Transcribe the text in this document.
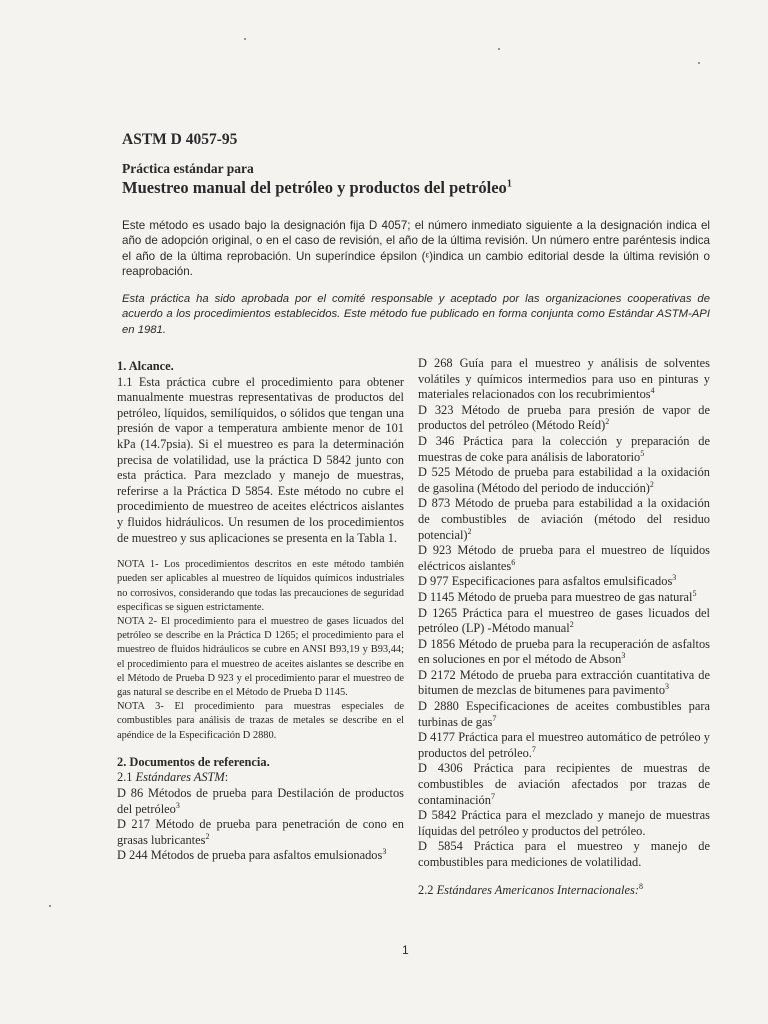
ASTM D 4057-95
Práctica estándar para
Muestreo manual del petróleo y productos del petróleo$^1$

Este método es usado bajo la designación fija D 4057; el número inmediato siguiente a la designación indica el año de adopción original, o en el caso de revisión, el año de la última revisión. Un número entre paréntesis indica el año de la última reprobación. Un superíndice épsilon (ᵋ)indica un cambio editorial desde la última revisión o reaprobación.

Esta práctica ha sido aprobada por el comité responsable y aceptado por las organizaciones cooperativas de acuerdo a los procedimientos establecidos. Este método fue publicado en forma conjunta como Estándar ASTM-API en 1981.

1. Alcance.

1.1 Esta práctica cubre el procedimiento para obtener manualmente muestras representativas de productos del petróleo, líquidos, semilíquidos, o sólidos que tengan una presión de vapor a temperatura ambiente menor de 101 kPa (14.7psia). Si el muestreo es para la determinación precisa de volatilidad, use la práctica D 5842 junto con esta práctica. Para mezclado y manejo de muestras, referirse a la Práctica D 5854. Este método no cubre el procedimiento de muestreo de aceites eléctricos aislantes y fluidos hidráulicos. Un resumen de los procedimientos de muestreo y sus aplicaciones se presenta en la Tabla 1.

NOTA 1- Los procedimientos descritos en este método también pueden ser aplicables al muestreo de líquidos químicos industriales no corrosivos, considerando que todas las precauciones de seguridad especificas se siguen estrictamente.

NOTA 2- El procedimiento para el muestreo de gases licuados del petróleo se describe en la Práctica D 1265; el procedimiento para el muestreo de fluidos hidráulicos se cubre en ANSI B93,19 y B93,44; el procedimiento para el muestreo de aceites aislantes se describe en el Método de Prueba D 923 y el procedimiento parar el muestreo de gas natural se describe en el Método de Prueba D 1145.

NOTA 3- El procedimiento para muestras especiales de combustibles para análisis de trazas de metales se describe en el apéndice de la Especificación D 2880.

2. Documentos de referencia.

2.1 Estándares ASTM:

D 86 Métodos de prueba para Destilación de productos del petróleo$^3$

D 217 Método de prueba para penetración de cono en grasas lubricantes$^2$

D 244 Métodos de prueba para asfaltos emulsionados$^3$

D 268 Guía para el muestreo y análisis de solventes volátiles y químicos intermedios para uso en pinturas y materiales relacionados con los recubrimientos$^4$

D 323 Método de prueba para presión de vapor de productos del petróleo (Método Reíd)$^2$

D 346 Práctica para la colección y preparación de muestras de coke para análisis de laboratorio$^5$

D 525 Método de prueba para estabilidad a la oxidación de gasolina (Método del periodo de inducción)$^2$

D 873 Método de prueba para estabilidad a la oxidación de combustibles de aviación (método del residuo potencial)$^2$

D 923 Método de prueba para el muestreo de líquidos eléctricos aislantes$^6$

D 977 Especificaciones para asfaltos emulsificados$^3$

D 1145 Método de prueba para muestreo de gas natural$^5$

D 1265 Práctica para el muestreo de gases licuados del petróleo (LP) -Método manual$^2$

D 1856 Método de prueba para la recuperación de asfaltos en soluciones en por el método de Abson$^3$

D 2172 Método de prueba para extracción cuantitativa de bitumen de mezclas de bitumenes para pavimento$^3$

D 2880 Especificaciones de aceites combustibles para turbinas de gas$^7$

D 4177 Práctica para el muestreo automático de petróleo y productos del petróleo.$^7$

D 4306 Práctica para recipientes de muestras de combustibles de aviación afectados por trazas de contaminación$^7$

D 5842 Práctica para el mezclado y manejo de muestras líquidas del petróleo y productos del petróleo.

D 5854 Práctica para el muestreo y manejo de combustibles para mediciones de volatilidad.

2.2 Estándares Americanos Internacionales:$^8$

1
